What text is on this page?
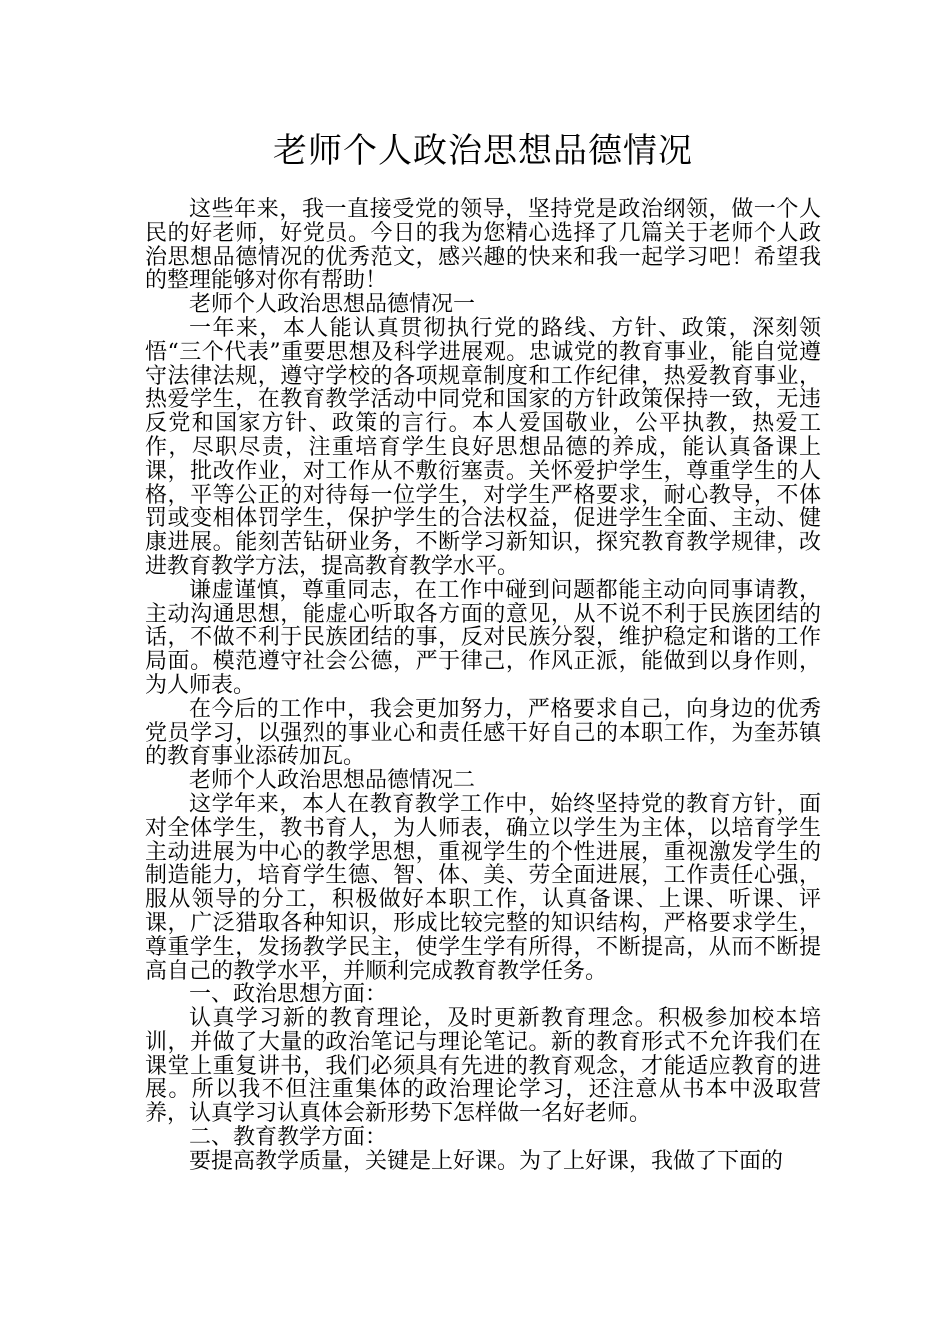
老师个人政治思想品德情况

这些年来，我一直接受党的领导，坚持党是政治纲领，做一个人民的好老师，好党员。今日的我为您精心选择了几篇关于老师个人政治思想品德情况的优秀范文，感兴趣的快来和我一起学习吧！希望我的整理能够对你有帮助！

老师个人政治思想品德情况一

一年来，本人能认真贯彻执行党的路线、方针、政策，深刻领悟“三个代表”重要思想及科学进展观。忠诚党的教育事业，能自觉遵守法律法规，遵守学校的各项规章制度和工作纪律，热爱教育事业，热爱学生，在教育教学活动中同党和国家的方针政策保持一致，无违反党和国家方针、政策的言行。本人爱国敬业，公平执教，热爱工作，尽职尽责，注重培育学生良好思想品德的养成，能认真备课上课，批改作业，对工作从不敷衍塞责。关怀爱护学生，尊重学生的人格，平等公正的对待每一位学生，对学生严格要求，耐心教导，不体罚或变相体罚学生，保护学生的合法权益，促进学生全面、主动、健康进展。能刻苦钻研业务，不断学习新知识，探究教育教学规律，改进教育教学方法，提高教育教学水平。

谦虚谨慎，尊重同志，在工作中碰到问题都能主动向同事请教，主动沟通思想，能虚心听取各方面的意见，从不说不利于民族团结的话，不做不利于民族团结的事，反对民族分裂，维护稳定和谐的工作局面。模范遵守社会公德，严于律己，作风正派，能做到以身作则，为人师表。

在今后的工作中，我会更加努力，严格要求自己，向身边的优秀党员学习，以强烈的事业心和责任感干好自己的本职工作，为奎苏镇的教育事业添砖加瓦。

老师个人政治思想品德情况二

这学年来，本人在教育教学工作中，始终坚持党的教育方针，面对全体学生，教书育人，为人师表，确立以学生为主体，以培育学生主动进展为中心的教学思想，重视学生的个性进展，重视激发学生的制造能力，培育学生德、智、体、美、劳全面进展，工作责任心强，服从领导的分工，积极做好本职工作，认真备课、上课、听课、评课，广泛猎取各种知识，形成比较完整的知识结构，严格要求学生，尊重学生，发扬教学民主，使学生学有所得，不断提高，从而不断提高自己的教学水平，并顺利完成教育教学任务。

一、政治思想方面：

认真学习新的教育理论，及时更新教育理念。积极参加校本培训，并做了大量的政治笔记与理论笔记。新的教育形式不允许我们在课堂上重复讲书，我们必须具有先进的教育观念，才能适应教育的进展。所以我不但注重集体的政治理论学习，还注意从书本中汲取营养，认真学习认真体会新形势下怎样做一名好老师。

二、教育教学方面：

要提高教学质量，关键是上好课。为了上好课，我做了下面的
